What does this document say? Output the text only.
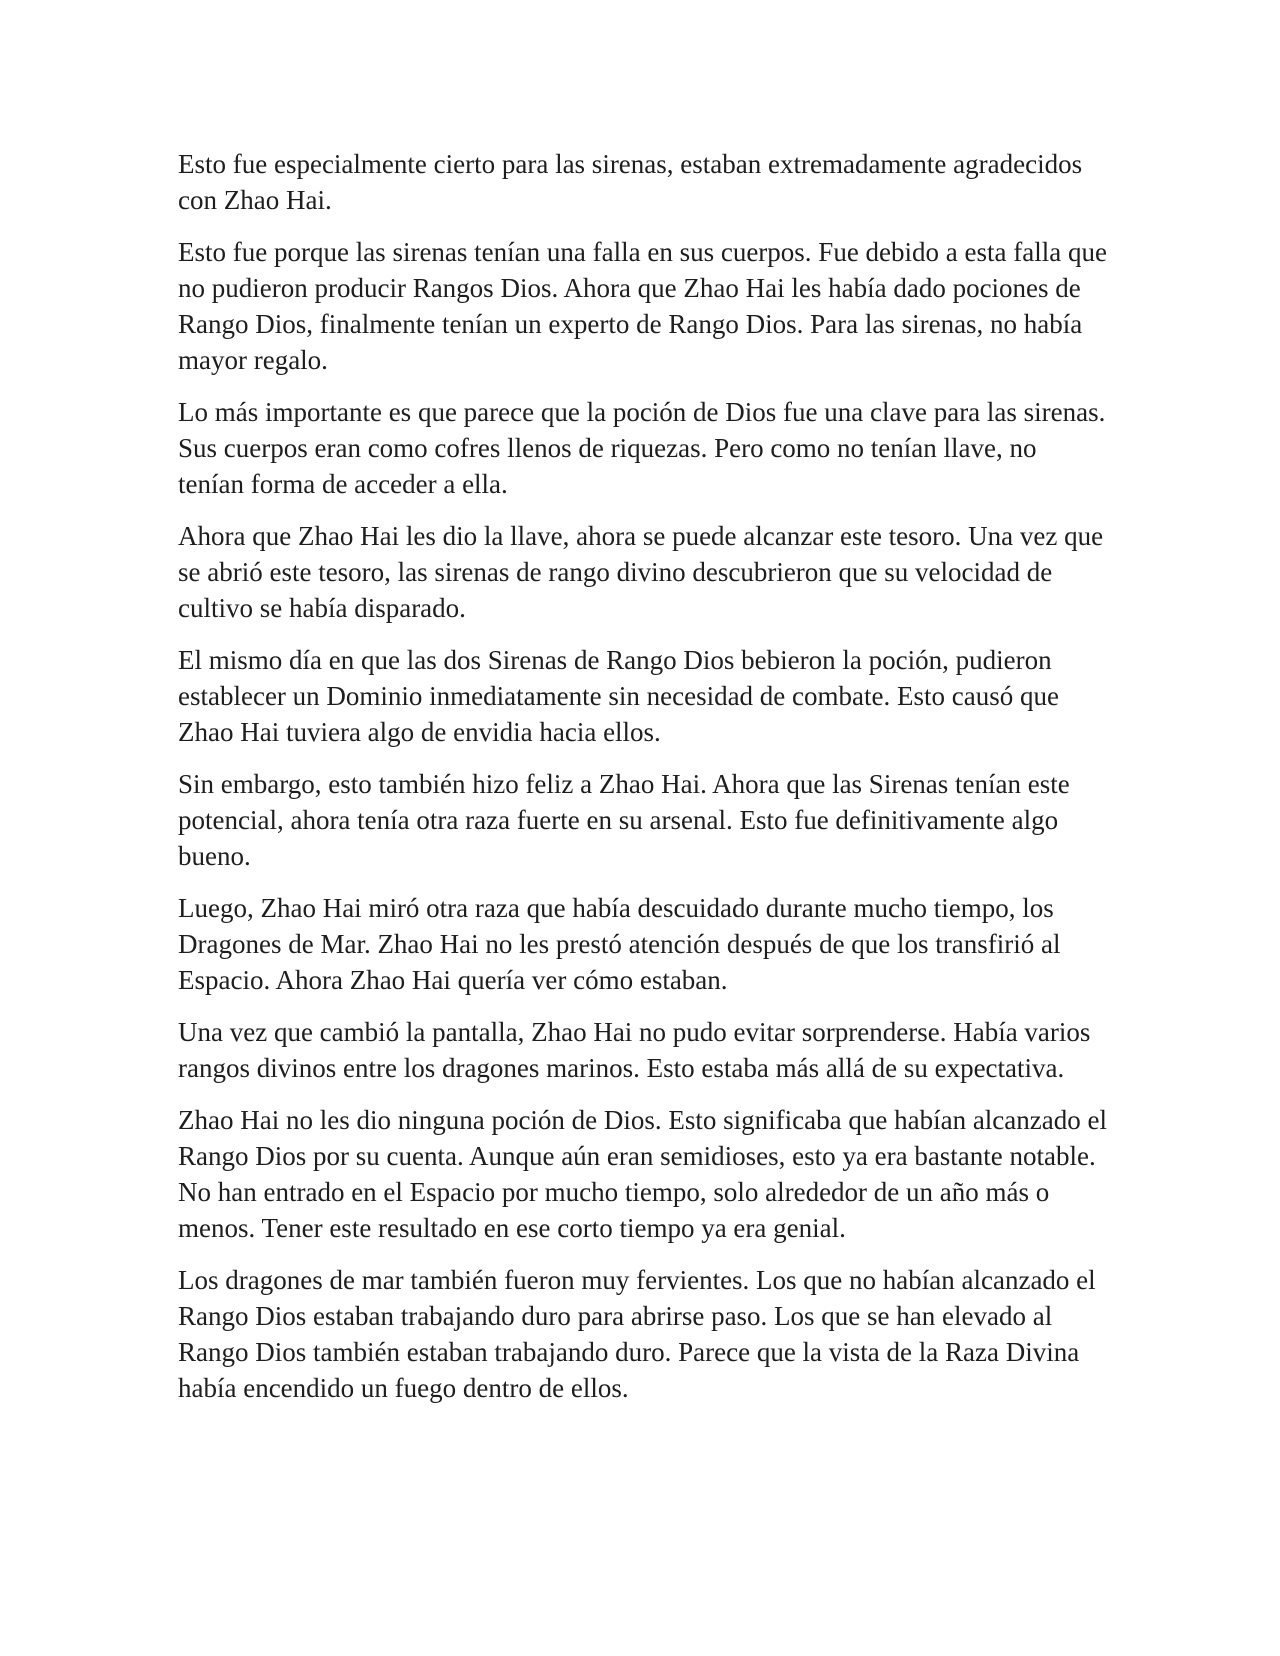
Esto fue especialmente cierto para las sirenas, estaban extremadamente agradecidos con Zhao Hai.

Esto fue porque las sirenas tenían una falla en sus cuerpos. Fue debido a esta falla que no pudieron producir Rangos Dios. Ahora que Zhao Hai les había dado pociones de Rango Dios, finalmente tenían un experto de Rango Dios. Para las sirenas, no había mayor regalo.

Lo más importante es que parece que la poción de Dios fue una clave para las sirenas. Sus cuerpos eran como cofres llenos de riquezas. Pero como no tenían llave, no tenían forma de acceder a ella.

Ahora que Zhao Hai les dio la llave, ahora se puede alcanzar este tesoro. Una vez que se abrió este tesoro, las sirenas de rango divino descubrieron que su velocidad de cultivo se había disparado.

El mismo día en que las dos Sirenas de Rango Dios bebieron la poción, pudieron establecer un Dominio inmediatamente sin necesidad de combate. Esto causó que Zhao Hai tuviera algo de envidia hacia ellos.

Sin embargo, esto también hizo feliz a Zhao Hai. Ahora que las Sirenas tenían este potencial, ahora tenía otra raza fuerte en su arsenal. Esto fue definitivamente algo bueno.

Luego, Zhao Hai miró otra raza que había descuidado durante mucho tiempo, los Dragones de Mar. Zhao Hai no les prestó atención después de que los transfirió al Espacio. Ahora Zhao Hai quería ver cómo estaban.

Una vez que cambió la pantalla, Zhao Hai no pudo evitar sorprenderse. Había varios rangos divinos entre los dragones marinos. Esto estaba más allá de su expectativa.

Zhao Hai no les dio ninguna poción de Dios. Esto significaba que habían alcanzado el Rango Dios por su cuenta. Aunque aún eran semidioses, esto ya era bastante notable. No han entrado en el Espacio por mucho tiempo, solo alrededor de un año más o menos. Tener este resultado en ese corto tiempo ya era genial.

Los dragones de mar también fueron muy fervientes. Los que no habían alcanzado el Rango Dios estaban trabajando duro para abrirse paso. Los que se han elevado al Rango Dios también estaban trabajando duro. Parece que la vista de la Raza Divina había encendido un fuego dentro de ellos.
